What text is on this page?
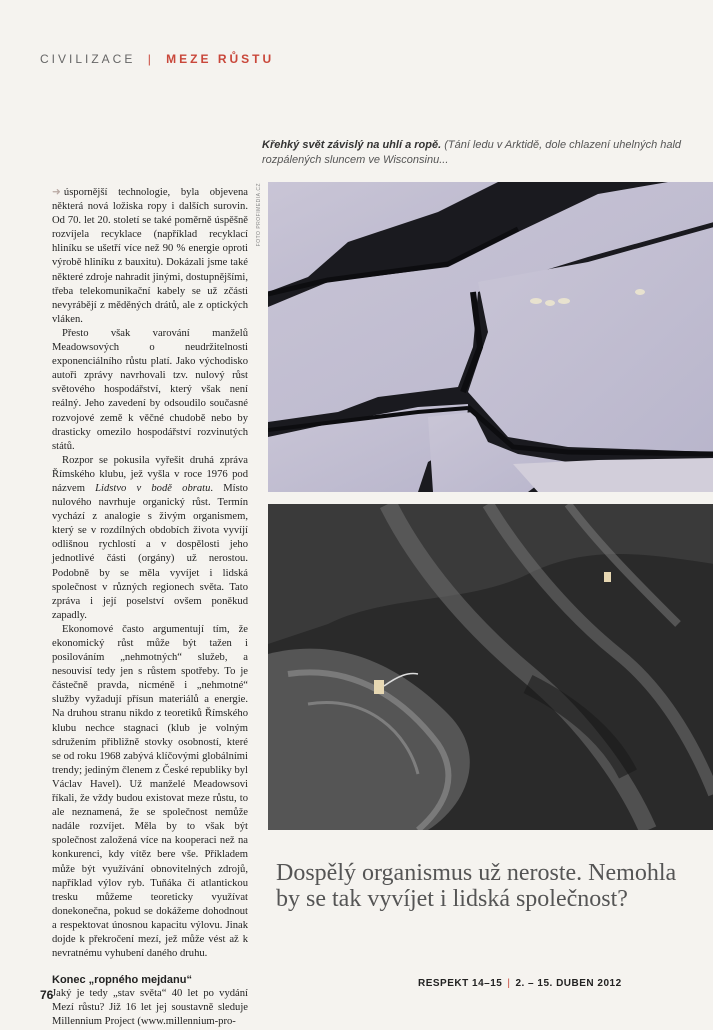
CIVILIZACE | MEZE RŮSTU
Křehký svět závislý na uhlí a ropě. (Tání ledu v Arktidě, dole chlazení uhelných hald rozpálených sluncem ve Wisconsinu...
FOTO PROFIMEDIA.CZ

➜ úspornější technologie, byla objevena některá nová ložiska ropy i dalších surovin. Od 70. let 20. století se také poměrně úspěšně rozvíjela recyklace (například recyklací hliníku se ušetří více než 90 % energie oproti výrobě hliníku z bauxitu). Dokázali jsme také některé zdroje nahradit jinými, dostupnějšími, třeba telekomunikační kabely se už zčásti nevyrábějí z měděných drátů, ale z optických vláken.

Přesto však varování manželů Meadowsových o neudržitelnosti exponenciálního růstu platí. Jako východisko autoři zprávy navrhovali tzv. nulový růst světového hospodářství, který však není reálný. Jeho zavedení by odsoudilo současné rozvojové země k věčné chudobě nebo by drasticky omezilo hospodářství rozvinutých států.

Rozpor se pokusila vyřešit druhá zpráva Římského klubu, jež vyšla v roce 1976 pod názvem Lidstvo v bodě obratu. Místo nulového navrhuje organický růst. Termín vychází z analogie s živým organismem, který se v rozdílných obdobích života vyvíjí odlišnou rychlostí a v dospělosti jeho jednotlivé části (orgány) už nerostou. Podobně by se měla vyvíjet i lidská společnost v různých regionech světa. Tato zpráva i její poselství ovšem poněkud zapadly.

Ekonomové často argumentují tím, že ekonomický růst může být tažen i posilováním „nehmotných“ služeb, a nesouvisí tedy jen s růstem spotřeby. To je částečně pravda, nicméně i „nehmotné“ služby vyžadují přísun materiálů a energie. Na druhou stranu nikdo z teoretiků Římského klubu nechce stagnaci (klub je volným sdružením přibližně stovky osobností, které se od roku 1968 zabývá klíčovými globálními trendy; jediným členem z České republiky byl Václav Havel). Už manželé Meadowsovi říkali, že vždy budou existovat meze růstu, to ale neznamená, že se společnost nemůže nadále rozvíjet. Měla by to však být společnost založená více na kooperaci než na konkurenci, kdy vítěz bere vše. Příkladem může být využívání obnovitelných zdrojů, například výlov ryb. Tuňáka či atlantickou tresku můžeme teoreticky využívat donekonečna, pokud se dokážeme dohodnout a respektovat únosnou kapacitu výlovu. Jinak dojde k překročení mezí, jež může vést až k nevratnému vyhubení daného druhu.

Konec „ropného mejdanu“

Jaký je tedy „stav světa“ 40 let po vydání Mezí růstu? Již 16 let jej soustavně sleduje Millennium Project (www.millennium-pro-

Dospělý organismus už neroste. Nemohla by se tak vyvíjet i lidská společnost?
76
RESPEKT 14–15 | 2. – 15. DUBEN 2012
